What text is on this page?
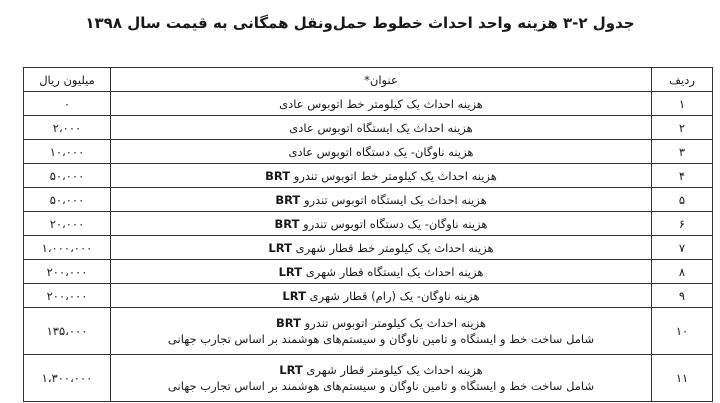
جدول ۲-۳ هزینه واحد احداث خطوط حمل‌ونقل همگانی به قیمت سال ۱۳۹۸
ردیف	عنوان*	میلیون ریال
۱	هزینه احداث یک کیلومتر خط اتوبوس عادی	۰
۲	هزینه احداث یک ایستگاه اتوبوس عادی	۲،۰۰۰
۳	هزینه ناوگان- یک دستگاه اتوبوس عادی	۱۰،۰۰۰
۴	هزینه احداث یک کیلومتر خط اتوبوس تندرو BRT	۵۰،۰۰۰
۵	هزینه احداث یک ایستگاه اتوبوس تندرو BRT	۵۰،۰۰۰
۶	هزینه ناوگان- یک دستگاه اتوبوس تندرو BRT	۲۰،۰۰۰
۷	هزینه احداث یک کیلومتر خط قطار شهری LRT	۱،۰۰۰،۰۰۰
۸	هزینه احداث یک ایستگاه قطار شهری LRT	۲۰۰،۰۰۰
۹	هزینه ناوگان- یک (رام) قطار شهری LRT	۲۰۰،۰۰۰
۱۰	هزینه احداث یک کیلومتر اتوبوس تندرو BRT
شامل ساخت خط و ایستگاه و تامین ناوگان و سیستم‌های هوشمند بر اساس تجارب جهانی	۱۳۵،۰۰۰
۱۱	هزینه احداث یک کیلومتر قطار شهری LRT
شامل ساخت خط و ایستگاه و تامین ناوگان و سیستم‌های هوشمند بر اساس تجارب جهانی	۱،۳۰۰،۰۰۰
